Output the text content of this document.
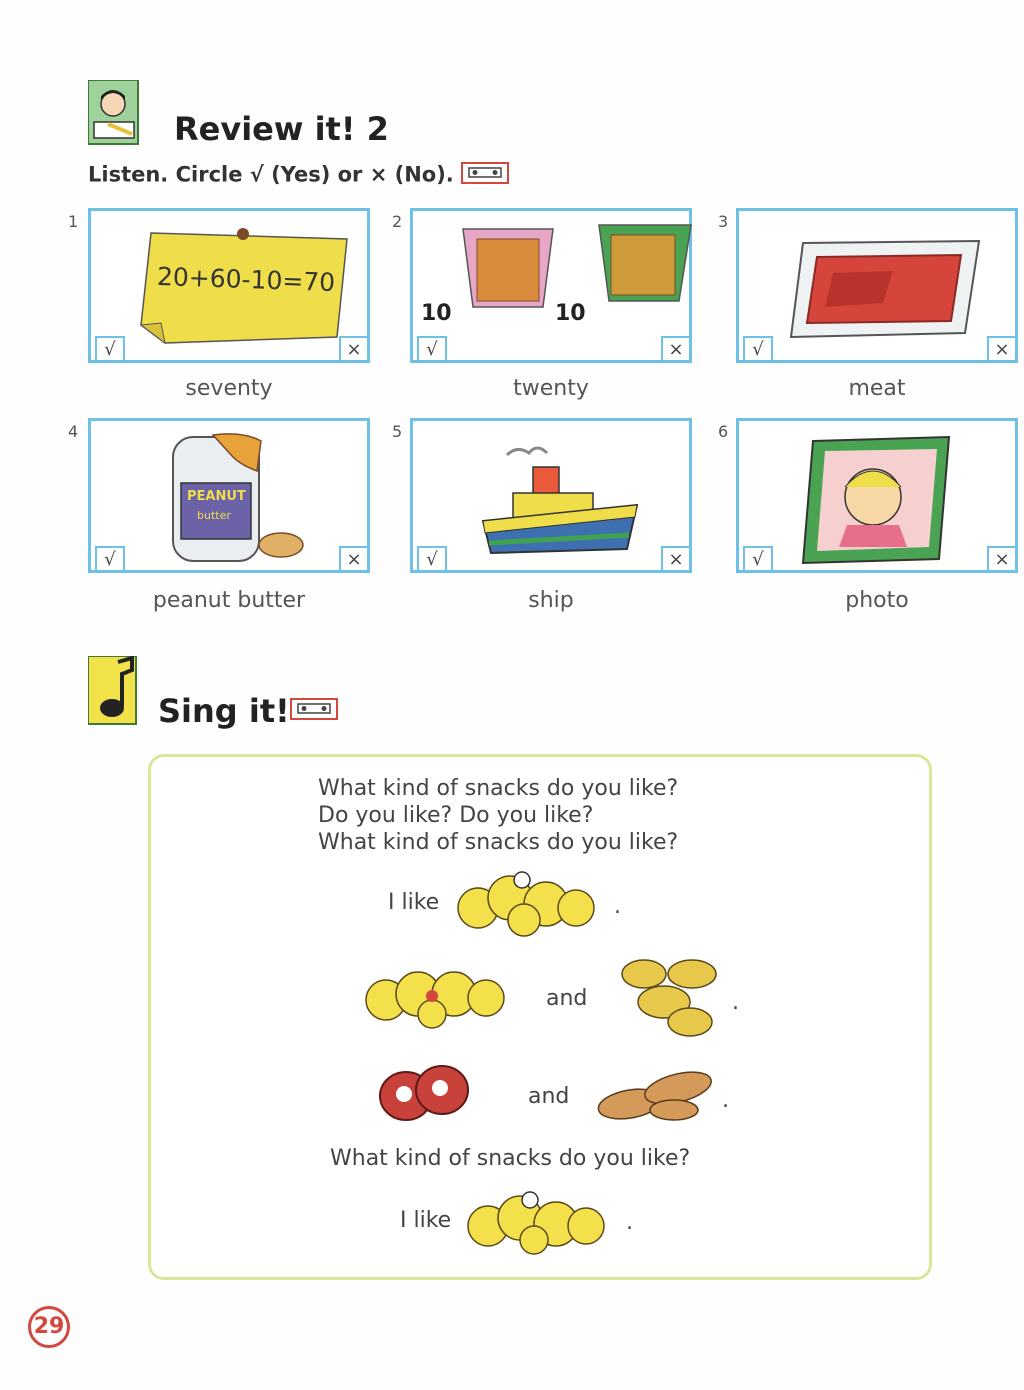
Review it! 2
Listen. Circle √ (Yes) or × (No).
1
20+60-10=70
√	×
seventy
2
10	10
√	×
twenty
3
√	×
meat
4
PEANUT
butter
√	×
peanut butter
5
√	×
ship
6
√	×
photo
Sing it!
What kind of snacks do you like?
Do you like? Do you like?
What kind of snacks do you like?
I like	.
and	.
and	.
What kind of snacks do you like?
I like	.
29
